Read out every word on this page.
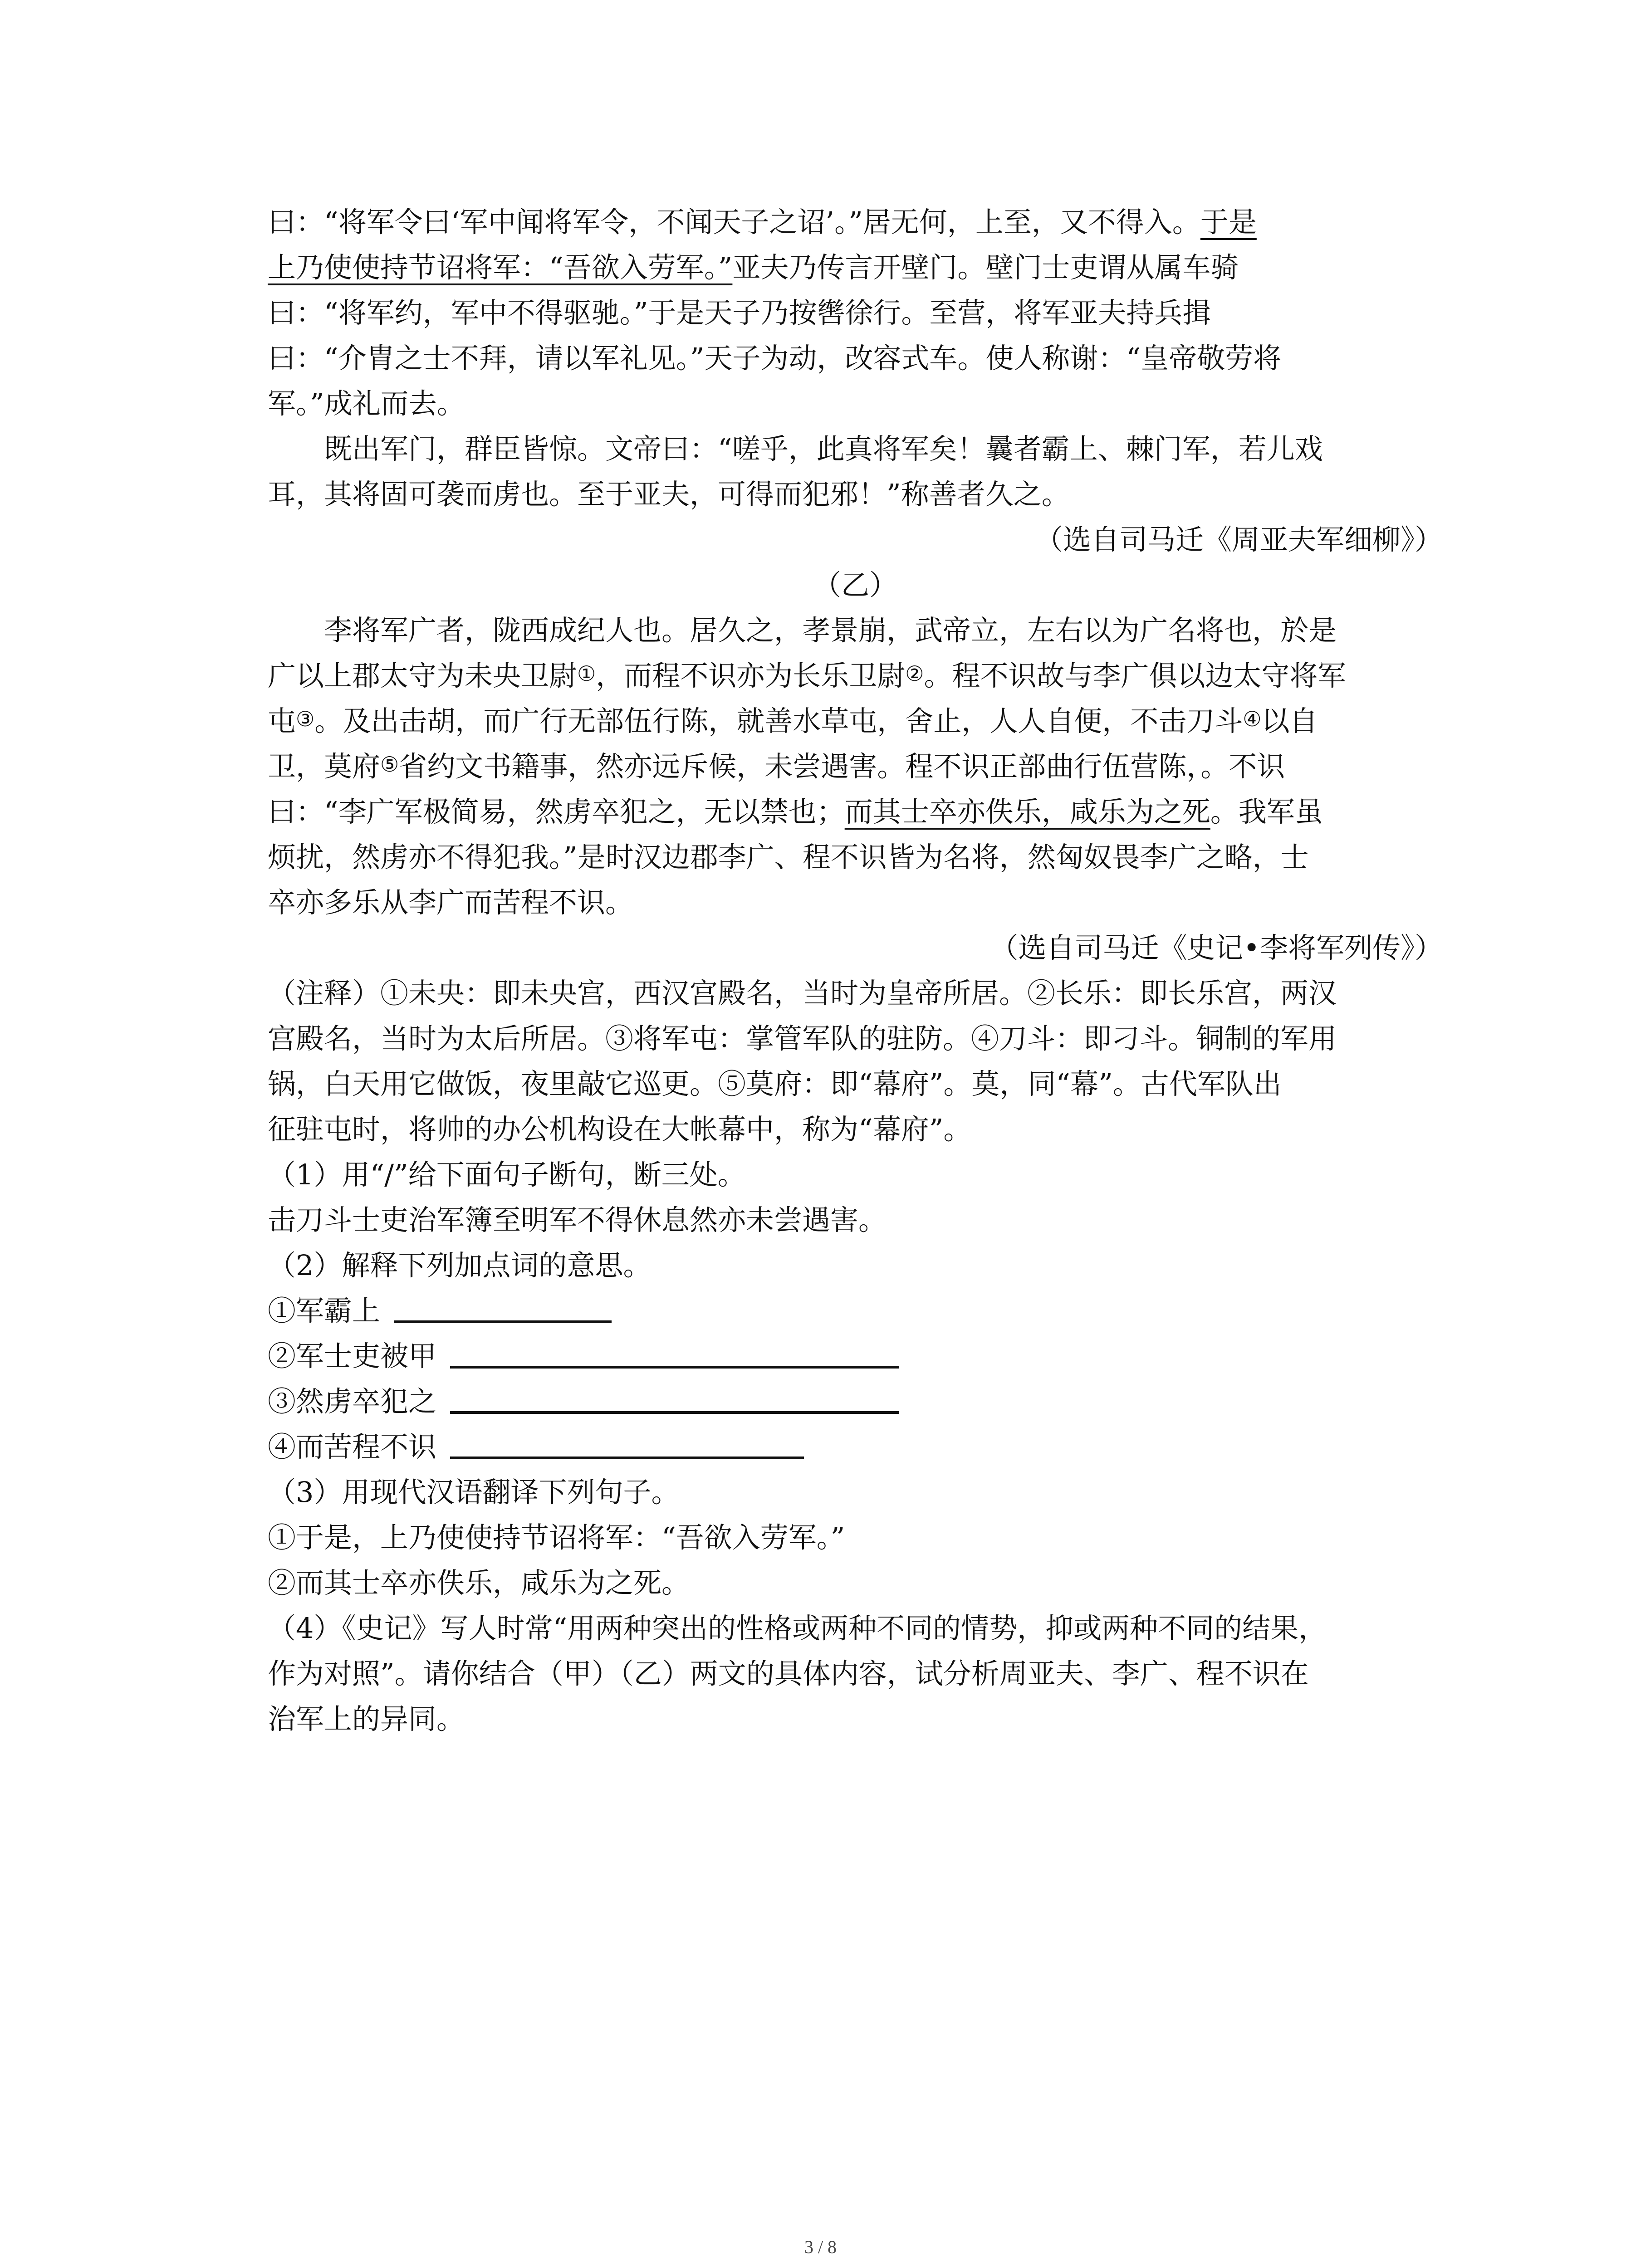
曰：“将军令曰‘军中闻将军令，不闻天子之诏’。”居无何，上至，又不得入。于是

上乃使使持节诏将军：“吾欲入劳军。”亚夫乃传言开壁门。壁门士吏谓从属车骑

曰：“将军约，军中不得驱驰。”于是天子乃按辔徐行。至营，将军亚夫持兵揖

曰：“介胄之士不拜，请以军礼见。”天子为动，改容式车。使人称谢：“皇帝敬劳将

军。”成礼而去。

既出军门，群臣皆惊。文帝曰：“嗟乎，此真将军矣！曩者霸上、棘门军，若儿戏

耳，其将固可袭而虏也。至于亚夫，可得而犯邪！”称善者久之。

（选自司马迁《周亚夫军细柳》）

（乙）

李将军广者，陇西成纪人也。居久之，孝景崩，武帝立，左右以为广名将也，於是

广以上郡太守为未央卫尉①，而程不识亦为长乐卫尉②。程不识故与李广俱以边太守将军

屯③。及出击胡，而广行无部伍行陈，就善水草屯，舍止，人人自便，不击刀斗④以自

卫，莫府⑤省约文书籍事，然亦远斥候，未尝遇害。程不识正部曲行伍营陈，。不识

曰：“李广军极简易，然虏卒犯之，无以禁也；而其士卒亦佚乐，咸乐为之死。我军虽

烦扰，然虏亦不得犯我。”是时汉边郡李广、程不识皆为名将，然匈奴畏李广之略，士

卒亦多乐从李广而苦程不识。

（选自司马迁《史记•李将军列传》）

（注释）①未央：即未央宫，西汉宫殿名，当时为皇帝所居。②长乐：即长乐宫，两汉

宫殿名，当时为太后所居。③将军屯：掌管军队的驻防。④刀斗：即刁斗。铜制的军用

锅，白天用它做饭，夜里敲它巡更。⑤莫府：即“幕府”。莫，同“幕”。古代军队出

征驻屯时，将帅的办公机构设在大帐幕中，称为“幕府”。

（1）用“/”给下面句子断句，断三处。

击刀斗士吏治军簿至明军不得休息然亦未尝遇害。

（2）解释下列加点词的意思。

①军霸上

②军士吏被甲

③然虏卒犯之

④而苦程不识

（3）用现代汉语翻译下列句子。

①于是，上乃使使持节诏将军：“吾欲入劳军。”

②而其士卒亦佚乐，咸乐为之死。

（4）《史记》写人时常“用两种突出的性格或两种不同的情势，抑或两种不同的结果，

作为对照”。请你结合（甲）（乙）两文的具体内容，试分析周亚夫、李广、程不识在

治军上的异同。

3 / 8
